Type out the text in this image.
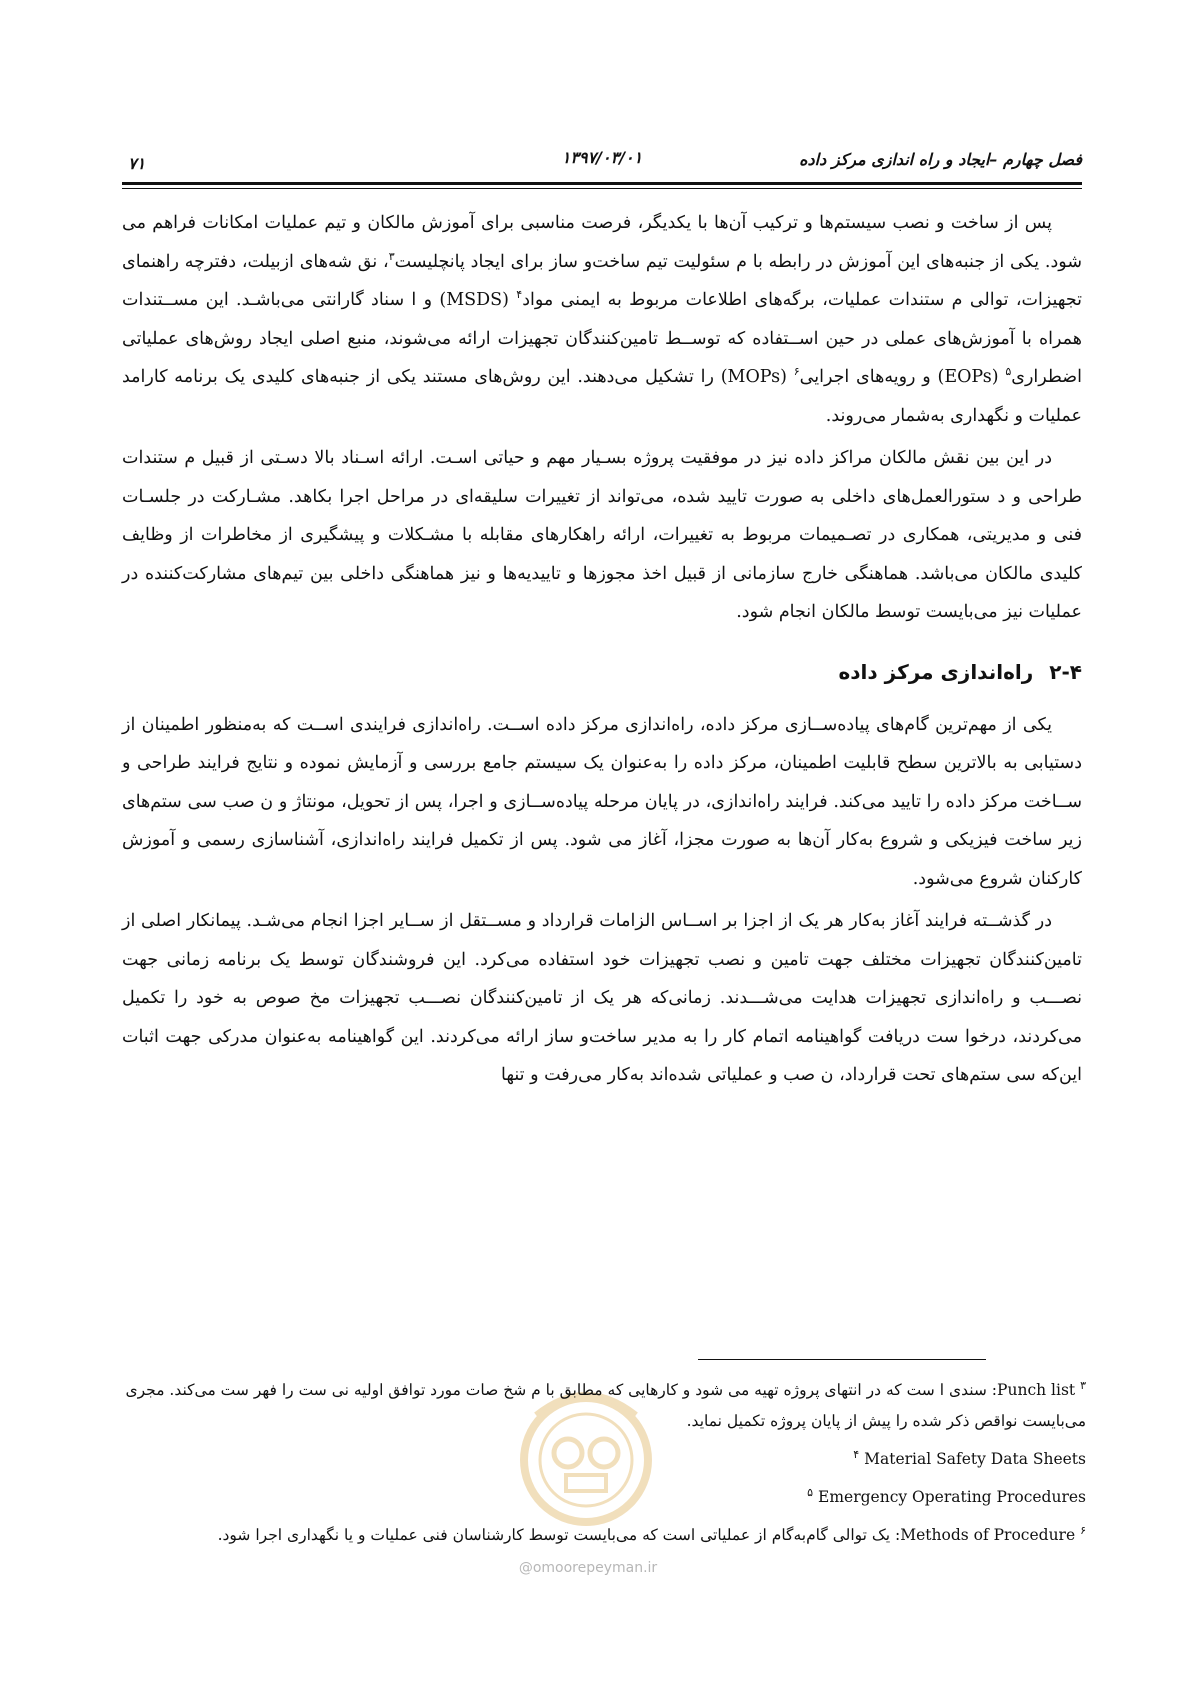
فصل چهارم –ایجاد و راه اندازی مرکز داده
۱۳۹۷/۰۳/۰۱
۷۱

پس از ساخت و نصب سیستم‌ها و ترکیب آن‌ها با یکدیگر، فرصت مناسبی برای آموزش مالکان و تیم عملیات امکانات فراهم می شود. یکی از جنبه‌های این آموزش در رابطه با م سئولیت تیم ساخت‌و ساز برای ایجاد پانچلیست$^۳$، نق شه‌های ازبیلت، دفترچه راهنمای تجهیزات، توالی م ستندات عملیات، برگه‌های اطلاعات مربوط به ایمنی مواد$^۴$ (MSDS) و ا سناد گارانتی می‌باشـد. این مســتندات همراه با آموزش‌های عملی در حین اســتفاده که توســط تامین‌کنندگان تجهیزات ارائه می‌شوند، منبع اصلی ایجاد روش‌های عملیاتی اضطراری$^۵$ (EOPs) و رویه‌های اجرایی$^۶$ (MOPs) را تشکیل می‌دهند. این روش‌های مستند یکی از جنبه‌های کلیدی یک برنامه کارامد عملیات و نگهداری به‌شمار می‌روند.

در این بین نقش مالکان مراکز داده نیز در موفقیت پروژه بسـیار مهم و حیاتی اسـت. ارائه اسـناد بالا دسـتی از قبیل م ستندات طراحی و د ستورالعمل‌های داخلی به صورت تایید شده، می‌تواند از تغییرات سلیقه‌ای در مراحل اجرا بکاهد. مشـارکت در جلسـات فنی و مدیریتی، همکاری در تصـمیمات مربوط به تغییرات، ارائه راهکارهای مقابله با مشـکلات و پیشگیری از مخاطرات از وظایف کلیدی مالکان می‌باشد. هماهنگی خارج سازمانی از قبیل اخذ مجوزها و تاییدیه‌ها و نیز هماهنگی داخلی بین تیم‌های مشارکت‌کننده در عملیات نیز می‌بایست توسط مالکان انجام شود.

۲-۴راه‌اندازی مرکز داده

یکی از مهم‌ترین گام‌های پیاده‌ســازی مرکز داده، راه‌اندازی مرکز داده اســت. راه‌اندازی فرایندی اســت که به‌منظور اطمینان از دستیابی به بالاترین سطح قابلیت اطمینان، مرکز داده را به‌عنوان یک سیستم جامع بررسی و آزمایش نموده و نتایج فرایند طراحی و ســاخت مرکز داده را تایید می‌کند. فرایند راه‌اندازی، در پایان مرحله پیاده‌ســازی و اجرا، پس از تحویل، مونتاژ و ن صب سی ستم‌های زیر ساخت فیزیکی و شروع به‌کار آن‌ها به صورت مجزا، آغاز می شود. پس از تکمیل فرایند راه‌اندازی، آشناسازی رسمی و آموزش کارکنان شروع می‌شود.

در گذشــته فرایند آغاز به‌کار هر یک از اجزا بر اســاس الزامات قرارداد و مســتقل از ســایر اجزا انجام می‌شـد. پیمانکار اصلی از تامین‌کنندگان تجهیزات مختلف جهت تامین و نصب تجهیزات خود استفاده می‌کرد. این فروشندگان توسط یک برنامه زمانی جهت نصـــب و راه‌اندازی تجهیزات هدایت می‌شـــدند. زمانی‌که هر یک از تامین‌کنندگان نصـــب تجهیزات مخ صوص به خود را تکمیل می‌کردند، درخوا ست دریافت گواهینامه اتمام کار را به مدیر ساخت‌و ساز ارائه می‌کردند. این گواهینامه به‌عنوان مدرکی جهت اثبات این‌که سی ستم‌های تحت قرارداد، ن صب و عملیاتی شده‌اند به‌کار می‌رفت و تنها

$^۳$ Punch list: سندی ا ست که در انتهای پروژه تهیه می شود و کارهایی که مطابق با م شخ صات مورد توافق اولیه نی ست را فهر ست می‌کند. مجری می‌بایست نواقص ذکر شده را پیش از پایان پروژه تکمیل نماید.

$^۴$ Material Safety Data Sheets

$^۵$ Emergency Operating Procedures

$^۶$ Methods of Procedure: یک توالی گام‌به‌گام از عملیاتی است که می‌بایست توسط کارشناسان فنی عملیات و یا نگهداری اجرا شود.

@omoorepeyman.ir
